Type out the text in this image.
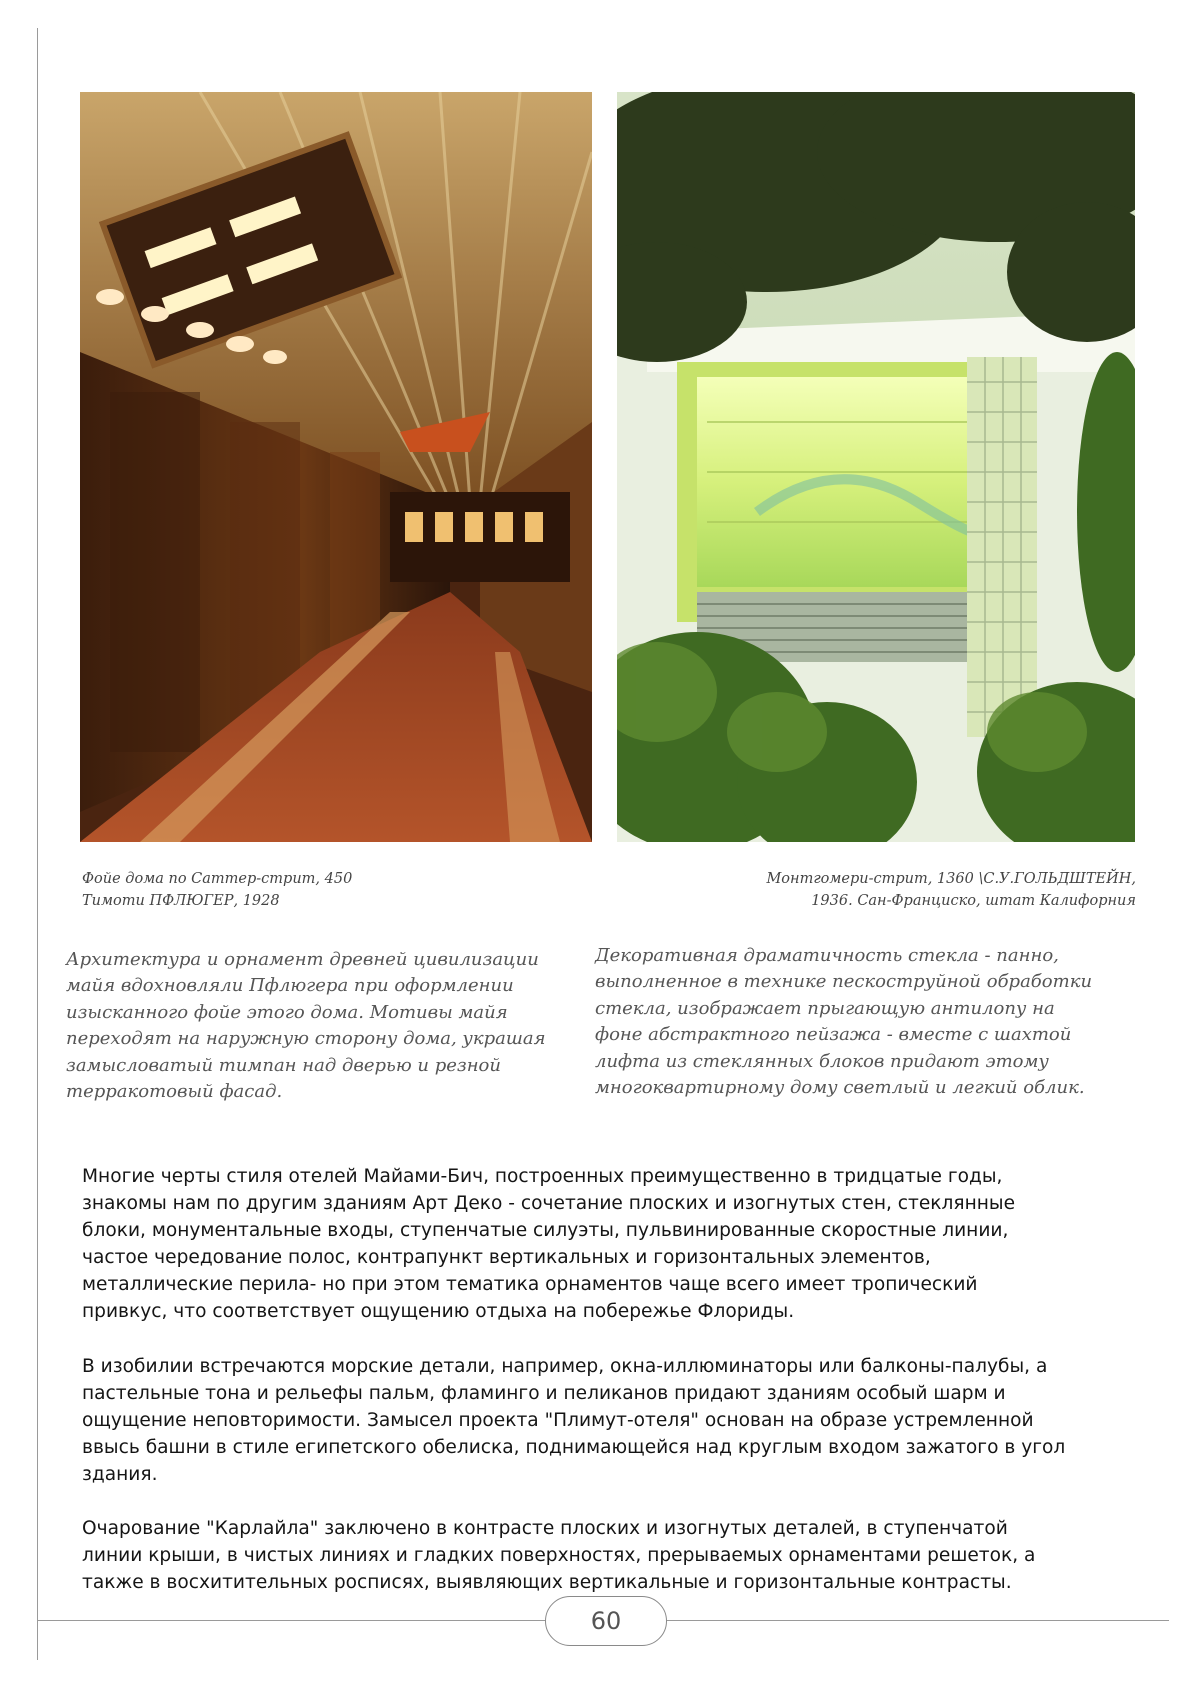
Фойе дома по Саттер-стрит, 450
Тимоти ПФЛЮГЕР, 1928
Монтгомери-стрит, 1360 \С.У.ГОЛЬДШТЕЙН,
1936. Сан-Франциско, штат Калифорния
Архитектура и орнамент древней цивилизации
майя вдохновляли Пфлюгера при оформлении
изысканного фойе этого дома. Мотивы майя
переходят на наружную сторону дома, украшая
замысловатый тимпан над дверью и резной
терракотовый фасад.
Декоративная драматичность стекла - панно,
выполненное в технике пескоструйной обработки
стекла, изображает прыгающую антилопу на
фоне абстрактного пейзажа - вместе с шахтой
лифта из стеклянных блоков придают этому
многоквартирному дому светлый и легкий облик.
Многие черты стиля отелей Майами-Бич, построенных преимущественно в тридцатые годы,
знакомы нам по другим зданиям Арт Деко - сочетание плоских и изогнутых стен, стеклянные
блоки, монументальные входы, ступенчатые силуэты, пульвинированные скоростные линии,
частое чередование полос, контрапункт вертикальных и горизонтальных элементов,
металлические перила- но при этом тематика орнаментов чаще всего имеет тропический
привкус, что соответствует ощущению отдыха на побережье Флориды.
В изобилии встречаются морские детали, например, окна-иллюминаторы или балконы-палубы, а
пастельные тона и рельефы пальм, фламинго и пеликанов придают зданиям особый шарм и
ощущение неповторимости. Замысел проекта "Плимут-отеля" основан на образе устремленной
ввысь башни в стиле египетского обелиска, поднимающейся над круглым входом зажатого в угол
здания.
Очарование "Карлайла" заключено в контрасте плоских и изогнутых деталей, в ступенчатой
линии крыши, в чистых линиях и гладких поверхностях, прерываемых орнаментами решеток, а
также в восхитительных росписях, выявляющих вертикальные и горизонтальные контрасты.
60
